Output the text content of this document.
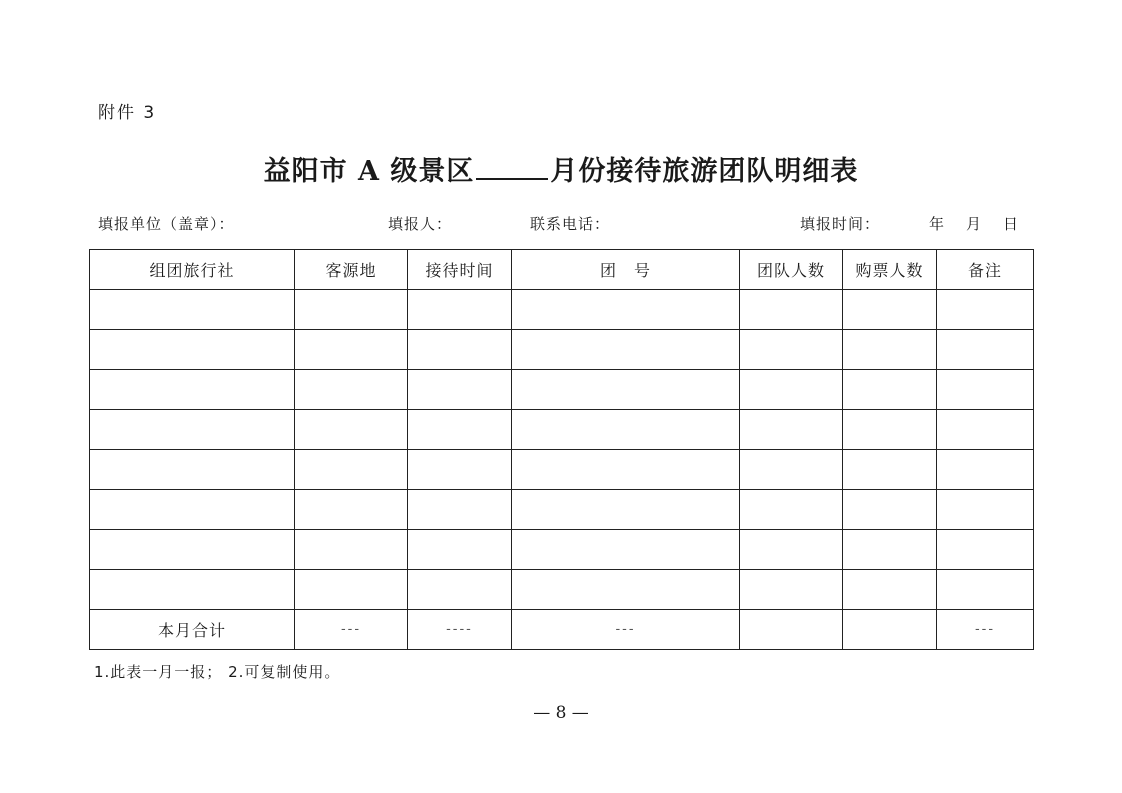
附件 3
益阳市 A 级景区	月份接待旅游团队明细表
填报单位（盖章）：	填报人：	联系电话：	填报时间：	年 月 日
组团旅行社	客源地	接待时间	团　号	团队人数	购票人数	备注

本月合计	---	----	---			---
1.此表一月一报； 2.可复制使用。
— 8 —
